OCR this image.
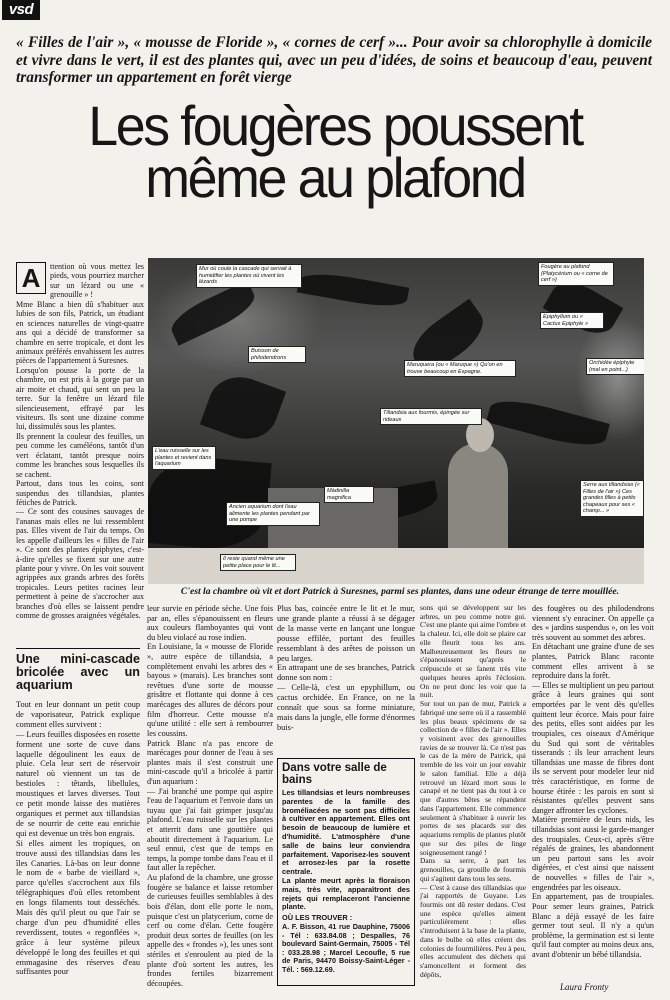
vsd

« Filles de l'air », « mousse de Floride », « cornes de cerf »... Pour avoir sa chlorophylle à domicile et vivre dans le vert, il est des plantes qui, avec un peu d'idées, de soins et beaucoup d'eau, peuvent transformer un appartement en forêt vierge

Les fougères poussent
même au plafond
Mur où coule la cascade qui servait à humidifier les plantes où vivent les lézards
Fougère au plafond (Platycérium ou « corne de cerf »)
Epiphyllum ou « Cactus Epiphyle »
Orchidée épiphyte (mal en point...)
Buisson de philodendrons
Maruquera (ou « Maruque ») Qu'on en trouve beaucoup en Espagne.
Tillandsia aux fourmis, épingée sur rideaux
L'eau ruisselle sur les plantes et revient dans l'aquarium
Màdinilla magnifica
Ancien aquarium dont l'eau alimente les plantes pendant par une pompe
Il reste quand même une petite place pour le lit...
Serre aux tillandsias (« Filles de l'air ») Ces grandes filles à petits chapeaux pour ses « champ... »

C'est la chambre où vit et dort Patrick à Suresnes, parmi ses plantes, dans une odeur étrange de terre mouillée.

A	ttention où vous mettez les pieds, vous pourriez marcher sur un lézard ou une « grenouille » !

Mme Blanc a bien dû s'habituer aux lubies de son fils, Patrick, un étudiant en sciences naturelles de vingt-quatre ans qui a décidé de transformer sa chambre en serre tropicale, et dont les animaux préférés envahissent les autres pièces de l'appartement à Suresnes.

Lorsqu'on pousse la porte de la chambre, on est pris à la gorge par un air moite et chaud, qui sent un peu la terre. Sur la fenêtre un lézard file silencieusement, effrayé par les visiteurs. Ils sont une dizaine comme lui, dissimulés sous les plantes.

Ils prennent la couleur des feuilles, un peu comme les caméléons, tantôt d'un vert éclatant, tantôt presque noirs comme les branches sous lesquelles ils se cachent.

Partout, dans tous les coins, sont suspendus des tillandsias, plantes fétiches de Patrick.

— Ce sont des cousines sauvages de l'ananas mais elles ne lui ressemblent pas. Elles vivent de l'air du temps. On les appelle d'ailleurs les « filles de l'air ». Ce sont des plantes épiphytes, c'est-à-dire qu'elles se fixent sur une autre plante pour y vivre. On les voit souvent agrippées aux grands arbres des forêts tropicales. Leurs petites racines leur permettent à peine de s'accrocher aux branches d'où elles se laissent pendre comme de grosses araignées végétales.

Une mini-cascade bricolée avec un aquarium

Tout en leur donnant un petit coup de vaporisateur, Patrick explique comment elles survivent :

— Leurs feuilles disposées en rosette forment une sorte de cuve dans laquelle dégoulinent les eaux de pluie. Cela leur sert de réservoir naturel où viennent un tas de bestioles : têtards, libellules, moustiques et larves diverses. Tout ce petit monde laisse des matières organiques et permet aux tillandsias de se nourrir de cette eau enrichie qui est devenue un très bon engrais.

Si elles aiment les tropiques, on trouve aussi des tillandsias dans les îles Canaries. Là-bas on leur donne le nom de « barbe de vieillard », parce qu'elles s'accrochent aux fils télégraphiques d'où elles retombent en longs filaments tout desséchés. Mais dès qu'il pleut ou que l'air se charge d'un peu d'humidité elles reverdissent, toutes « regonflées », grâce à leur système pileux développé le long des feuilles et qui emmagasine des réserves d'eau suffisantes pour

leur survie en période sèche. Une fois par an, elles s'épanouissent en fleurs aux couleurs flamboyantes qui vont du bleu violacé au rose indien.

En Louisiane, la « mousse de Floride », autre espèce de tillandsia, a complètement envahi les arbres des « bayous » (marais). Les branches sont revêtues d'une sorte de mousse grisâtre et flottante qui donne à ces marécages des allures de décors pour film d'horreur. Cette mousse n'a qu'une utilité : elle sert à rembourrer les coussins.

Patrick Blanc n'a pas encore de marécages pour donner de l'eau à ses plantes mais il s'est construit une mini-cascade qu'il a bricolée à partir d'un aquarium :

— J'ai branché une pompe qui aspire l'eau de l'aquarium et l'envoie dans un tuyau que j'ai fait grimper jusqu'au plafond. L'eau ruisselle sur les plantes et atterrit dans une gouttière qui aboutit directement à l'aquarium. Le seul ennui, c'est que de temps en temps, la pompe tombe dans l'eau et il faut aller la repêcher.

Au plafond de la chambre, une grosse fougère se balance et laisse retomber de curieuses feuilles semblables à des bois d'élan, dont elle porte le nom, puisque c'est un platycerium, corne de cerf ou corne d'élan. Cette fougère produit deux sortes de feuilles (on les appelle des « frondes »), les unes sont stériles et s'enroulent au pied de la plante d'où sortent les autres, les frondes fertiles bizarrement découpées.

Plus bas, coincée entre le lit et le mur, une grande plante a réussi à se dégager de la masse verte en lançant une longue pousse effilée, portant des feuilles ressemblant à des arêtes de poisson un peu larges.

En attrapant une de ses branches, Patrick donne son nom :

— Celle-là, c'est un epyphillum, ou cactus orchidée. En France, on ne la connaît que sous sa forme miniature, mais dans la jungle, elle forme d'énormes buis-

Dans votre salle de bains
Les tillandsias et leurs nombreuses parentes de la famille des broméliacées ne sont pas difficiles à cultiver en appartement. Elles ont besoin de beaucoup de lumière et d'humidité. L'atmosphère d'une salle de bains leur conviendra parfaitement. Vaporisez-les souvent et arrosez-les par la rosette centrale.
La plante meurt après la floraison mais, très vite, apparaîtront des rejets qui remplaceront l'ancienne plante.
OÙ LES TROUVER :
A. F. Bisson, 41 rue Dauphine, 75006 - Tél : 633.84.08 ; Despalles, 76 boulevard Saint-Germain, 75005 - Tél : 033.28.98 ; Marcel Lecoufle, 5 rue de Paris, 94470 Boissy-Saint-Léger - Tél. : 569.12.69.

sons qui se développent sur les arbres, un peu comme notre gui. C'est une plante qui aime l'ombre et la chaleur. Ici, elle doit se plaire car elle fleurit tous les ans. Malheureusement les fleurs ne s'épanouissent qu'après le crépuscule et se fanent très vite quelques heures après l'éclosion. On ne peut donc les voir que la nuit.

Sur tout un pan de mur, Patrick a fabriqué une serre où il a rassemblé les plus beaux spécimens de sa collection de « filles de l'air ». Elles y voisinent avec des grenouilles ravies de se trouver là. Ce n'est pas le cas de la mère de Patrick, qui tremble de les voir un jour envahir le salon familial. Elle a déjà retrouvé un lézard mort sous le canapé et ne tient pas du tout à ce que d'autres bêtes se répandent dans l'appartement. Elle commence seulement à s'habituer à ouvrir les portes de ses placards sur des aquariums remplis de plantes plutôt que sur des piles de linge soigneusement rangé !

Dans sa serre, à part les grenouilles, ça grouille de fourmis qui s'agitent dans tous les sens.

— C'est à cause des tillandsias que j'ai rapportés de Guyane. Les fourmis ont dû rester dedans. C'est une espèce qu'elles aiment particulièrement : elles s'introduisent à la base de la plante, dans le bulbe où elles créent des colonies de fourmilières. Peu à peu, elles accumulent des déchets qui s'amoncellent et forment des dépôts,

des fougères ou des philodendrons viennent s'y enraciner. On appelle ça des « jardins suspendus », on les voit très souvent au sommet des arbres.

En détachant une graine d'une de ses plantes, Patrick Blanc raconte comment elles arrivent à se reproduire dans la forêt.

— Elles se multiplient un peu partout grâce à leurs graines qui sont emportées par le vent dès qu'elles quittent leur écorce. Mais pour faire des petits, elles sont aidées par les troupiales, ces oiseaux d'Amérique du Sud qui sont de véritables tisserands : ils leur arrachent leurs tillandsias une masse de fibres dont ils se servent pour modeler leur nid très caractéristique, en forme de bourse étirée : les parois en sont si résistantes qu'elles peuvent sans danger affronter les cyclones.

Matière première de leurs nids, les tillandsias sont aussi le garde-manger des troupiales. Ceux-ci, après s'être régalés de graines, les abandonnent un peu partout sans les avoir digérées, et c'est ainsi que naissent de nouvelles « filles de l'air », engendrées par les oiseaux.

En appartement, pas de troupiales. Pour semer leurs graines, Patrick Blanc a déjà essayé de les faire germer tout seul. Il n'y a qu'un problème, la germination est si lente qu'il faut compter au moins deux ans, avant d'obtenir un bébé tillandsia.

Laura Fronty
